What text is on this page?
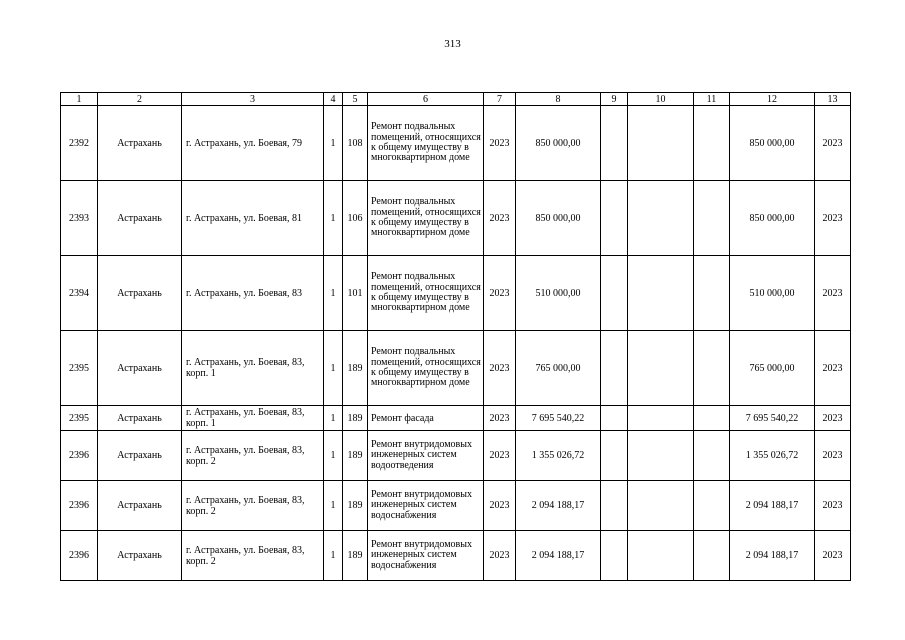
313
1	2	3	4	5	6	7	8	9	10	11	12	13
2392	Астрахань	г. Астрахань, ул. Боевая, 79	1	108	Ремонт подвальных помещений, относящихся к общему имуществу в многоквартирном доме	2023	850 000,00				850 000,00	2023
2393	Астрахань	г. Астрахань, ул. Боевая, 81	1	106	Ремонт подвальных помещений, относящихся к общему имуществу в многоквартирном доме	2023	850 000,00				850 000,00	2023
2394	Астрахань	г. Астрахань, ул. Боевая, 83	1	101	Ремонт подвальных помещений, относящихся к общему имуществу в многоквартирном доме	2023	510 000,00				510 000,00	2023
2395	Астрахань	г. Астрахань, ул. Боевая, 83, корп. 1	1	189	Ремонт подвальных помещений, относящихся к общему имуществу в многоквартирном доме	2023	765 000,00				765 000,00	2023
2395	Астрахань	г. Астрахань, ул. Боевая, 83, корп. 1	1	189	Ремонт фасада	2023	7 695 540,22				7 695 540,22	2023
2396	Астрахань	г. Астрахань, ул. Боевая, 83, корп. 2	1	189	Ремонт внутридомовых инженерных систем водоотведения	2023	1 355 026,72				1 355 026,72	2023
2396	Астрахань	г. Астрахань, ул. Боевая, 83, корп. 2	1	189	Ремонт внутридомовых инженерных систем водоснабжения	2023	2 094 188,17				2 094 188,17	2023
2396	Астрахань	г. Астрахань, ул. Боевая, 83, корп. 2	1	189	Ремонт внутридомовых инженерных систем водоснабжения	2023	2 094 188,17				2 094 188,17	2023
